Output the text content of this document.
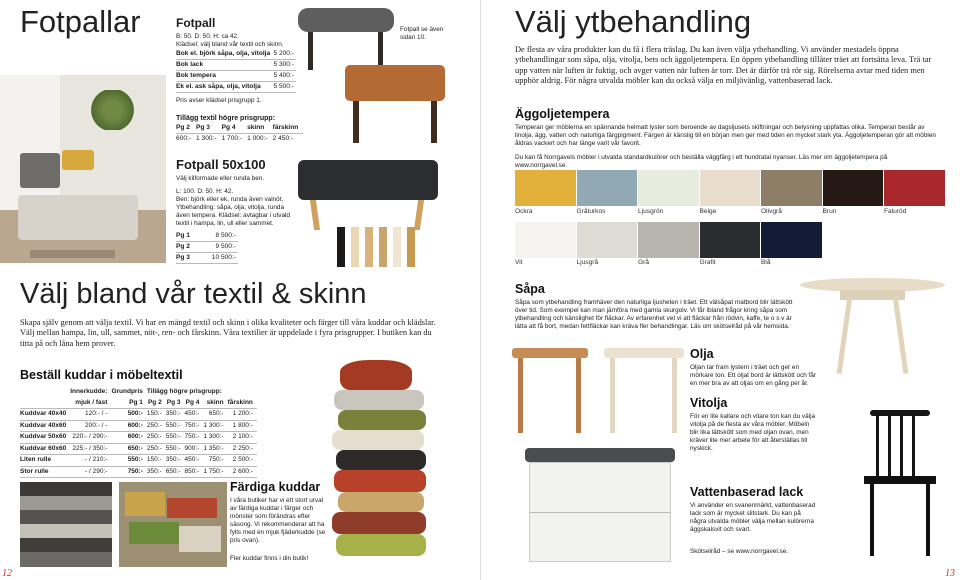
Fotpallar	Fotpall
B: 50. D: 50. H: ca 42.
Klädsel: välj bland vår textil och skinn.
Bok el. björk såpa, olja, vitolja	5 200:-
Bok lack	5 300:-
Bok tempera	5 400:-
Ek el. ask såpa, olja, vitolja	5 500:-
Pris avser klädsel prisgrupp 1.
Fotpall se även sidan 10.
Tillägg textil högre prisgrupp:
Pg 2	Pg 3	Pg 4	skinn	färskinn
600:-	1 300:-	1 700:-	1 000:-	2 450:-
Fotpall 50x100
Välj kilformade eller runda ben.
L: 100. D: 50. H: 42.
Ben: björk eller ek, runda även valnöt. Ytbehandling: såpa, olja, vitolja, runda även tempera. Klädsel: avtagbar i utvald textil i hampa, lin, ull eller sammet.
Pg 1	8 500:-
Pg 2	9 500:-
Pg 3	10 500:-
Välj bland vår textil & skinn
Skapa själv genom att välja textil. Vi har en mängd textil och skinn i olika kvaliteter och färger till våra kuddar och klädslar. Välj mellan hampa, lin, ull, sammet, nöt-, ren- och fårskinn. Våra textilier är uppdelade i fyra prisgrupper. I butiken kan du titta på och låna hem prover.
Beställ kuddar i möbeltextil
	Innerkudde:	Grundpris	Tillägg högre prisgrupp:				
	mjuk / fast	Pg 1	Pg 2	Pg 3	Pg 4	skinn	fårskinn
Kuddvar 40x40	120:- / -	500:-	150:-	350:-	450:-	650:-	1 200:-
Kuddvar 40x60	200:- / -	600:-	250:-	550:-	750:-	1 300:-	1 800:-
Kuddvar 50x60	220:- / 290:-	600:-	250:-	550:-	750:-	1 300:-	2 100:-
Kuddvar 60x60	225:- / 350:-	650:-	250:-	550:-	900:-	1 350:-	2 250:-
Liten rulle	- / 210:-	550:-	150:-	350:-	450:-	750:-	2 500:-
Stor rulle	- / 290:-	750:-	350:-	650:-	850:-	1 750:-	2 600:-
Färdiga kuddar
I våra butiker har vi ett stort urval av färdiga kuddar i färger och mönster som förändras efter säsong. Vi rekommenderar att ha fylls med en mjuk fjäderkudde (se pris ovan).
Fler kuddar finns i din butik!
12
Välj ytbehandling
De flesta av våra produkter kan du få i flera träslag. Du kan även välja ytbehandling. Vi använder mestadels öppna ytbehandlingar som såpa, olja, vitolja, bets och äggoljetempera. En öppen ytbehandling tillåter träet att fortsätta leva. Trä tar upp vatten när luften är fuktig, och avger vatten när luften är torr. Det är därför trä rör sig. Rörelserna avtar med tiden men upphör aldrig. För några utvalda möbler kan du också välja en miljövänlig, vattenbaserad lack.
Äggoljetempera
Temperan ger möblerna en spännande helmatt lyster som beroende av dagsljusets skiftningar och belysning uppfattas olika. Temperan består av linolja, ägg, vatten och naturliga färgpigment. Färgen är känslig till en början men ger med tiden en mycket stark yta. Äggoljetemperan gör att möblen åldras vackert och har länge varit vår favorit.
Du kan få Norrgavels möbler i utvalda standardkulörer och beställa väggfärg i ett hundratal nyanser. Läs mer om äggoljetempera på www.norrgavel.se.
Ockra	Gråturkos	Ljusgrön	Beige	Olivgrå	Brun	Faluröd
Vit	Ljusgrå	Grå	Grafit	Blå
Såpa
Såpa som ytbehandling framhäver den naturliga ljusheten i träet. Ett välsåpat matbord blir lättskött över tid. Som exempel kan man jämföra med gamla skurgolv. Vi får ibland frågor kring såpa som ytbehandling och känslighet för fläckar. Av erfarenhet vet vi att fläckar från rödvin, kaffe, te o s v är lätta att få bort, medan fettfläckar kan kräva fler behandlingar. Läs om skötselråd på vår hemsida.
Olja
Oljan tar fram lystern i träet och ger en mörkare ton. Ett oljat bord är lättskött och får en mer bra av att oljas om en gång per år.
Vitolja
För en lite kallare och vitare ton kan du välja vitolja på de flesta av våra möbler. Möbeln blir lika lättskött som med oljan ovan, men kräver lite mer arbete för att återställas till nyskick.
Vattenbaserad lack
Vi använder en svanenmärkt, vattenbaserad lack som är mycket slitstark. Du kan på några utvalda möbler välja mellan kulörerna äggskalsvit och svart.
Skötselråd – se www.norrgavel.se.
13
